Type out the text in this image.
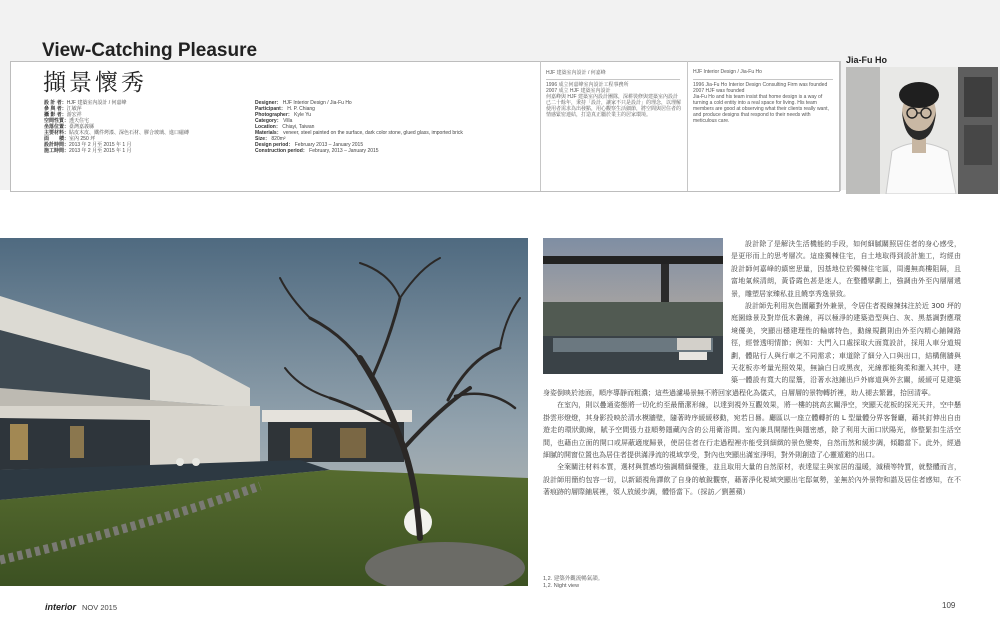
View-Catching Pleasure
擷景懷秀
設 計 者：HJF 建築室內設計 / 何嘉峰
參 與 者：江敏萍
攝 影 者：游宏祥
空間性質：透天住宅
坐落位置：臺灣嘉義縣
主要材料：貼皮木皮、鐵件烤漆、深色石材、膠合玻璃、進口磁磚
面　　積：室內 250 坪
設計時間：2013 年 2 月至 2015 年 1 月
施工時間：2013 年 2 月至 2015 年 1 月
Designer： HJF Interior Design / Jia-Fu Ho
Participant： H. P. Chiang
Photographer： Kyle Yu
Category： Villa
Location： Chiayi, Taiwan
Materials： veneer, steel painted on the surface, dark color stone, glued glass, imported brick
Size： 820m²
Design period： February 2013 – January 2015
Construction period： February, 2013 – January 2015
HJF 建築室內設計 / 何嘉峰
1996 成立何嘉峰室內設計工程事務所
2007 成立 HJF 建築室內設計
何嘉峰與 HJF 建築室內設計團隊，深耕裝修與建築室內設計已二十餘年，秉持「設計，讓家不只是設計」的理念，以理解使用者需求為出發點，用心觀察生活細節，將空間與居住者的情感緊密連結，打造真正屬於業主的居家環境。
HJF Interior Design / Jia-Fu Ho
1996 Jia-Fu Ho Interior Design Consulting Firm was founded
2007 HJF was founded
Jia-Fu Ho and his team insist that home design is a way of turning a cold entity into a real space for living. His team members are good at observing what their clients really want, and produce designs that respond to their needs with meticulous care.
Jia-Fu Ho

設計除了是解決生活機能的手段，如何細膩關照居住者的身心感受，是更形而上的思考層次。這座獨棟住宅，自土地取得到設計施工，均經由設計師何嘉峰的縝密思量，因基地位於獨棟住宅區，周邊無高樓阻隔，且富地氣候清朗，黃昏霞色甚是迷人，在整體擘劃上，強調由外至內層層遞景，雕塑居家臻私並且饒享秀逸景致。

設計師先利用灰色圍籬對外兼景，令居住者視線揀抹注於近 300 坪的庭園綠景及對岸低木叢線，再以極淨的建築造型與白、灰、黑基調對應環境優美，突顯出穩建理性的輪廓特色，動線規劃則由外至內精心鋪陳路徑，經營透明情節；例如：大門入口處採取大面寬設計，採用人車分道規劃，體貼行人與行車之不同需求；車道除了細分入口與出口，結構側牆與天花板亦考量光照效果，無論白日或黑夜，光線都能夠柔和灑入其中，建築一體設有寬大的屋簷，沿著水池鋪出戶外廊道與外玄關，緩緩可見建築身姿倒映於池面，順序導靜而粗濃；這些過濾場景無不將回家過程化為儀式，自層層的景物轉折裡，助人褪去繁囂，拾回清寧。

在室內，則以疊通姿態將一切化約至最簡潔形線，以達到視外互觀效果，將一樓的挑高玄關淨空，突顯天花板的採光天井，空中懸掛雲形燈燈，其身影投映於清水模牆壁，隨著時序緩緩移動，宛若日晷。廳區以一座立體轉折的 L 型量體分界客餐廳，藉其釘伸出自由遊走的環狀動線，賦予空間張力並順勢隱藏內含的公用衛浴間。室內兼具開闊性與隱密感，除了利用大面口狀陽光，修整緊扣生活空間，也藉由立面的開口或屏蔽適度歸景，使居住者在行走過程裡亦能受到細緻的景色變奏，自然而然和緩步調，傾聽當下。此外，經過細膩的開窗位置也為居住者提供滿淨流的視域享受，對內也突顯出滿室淨明，對外則創造了心靈遁避的出口。

全案關注材料本質，選材與質感均強調精細優雅，並且取用大量的自然原材，表達屋主與家居的溫暖，減積等特質，就整體而言，設計師用簡約包容一切，以新穎視角譯飲了自身的敏銳觀察，藉著淨化視域突顯出宅邸氣勢，並無於內外景物和諧及居住者感知，在不著痕跡的層際鋪展裡，領人放緩步調，體悟當下。（採訪／劉蕙蘋）

1,2. 建築外觀流暢氣韻。
1,2. Night view
interior NOV 2015	109
